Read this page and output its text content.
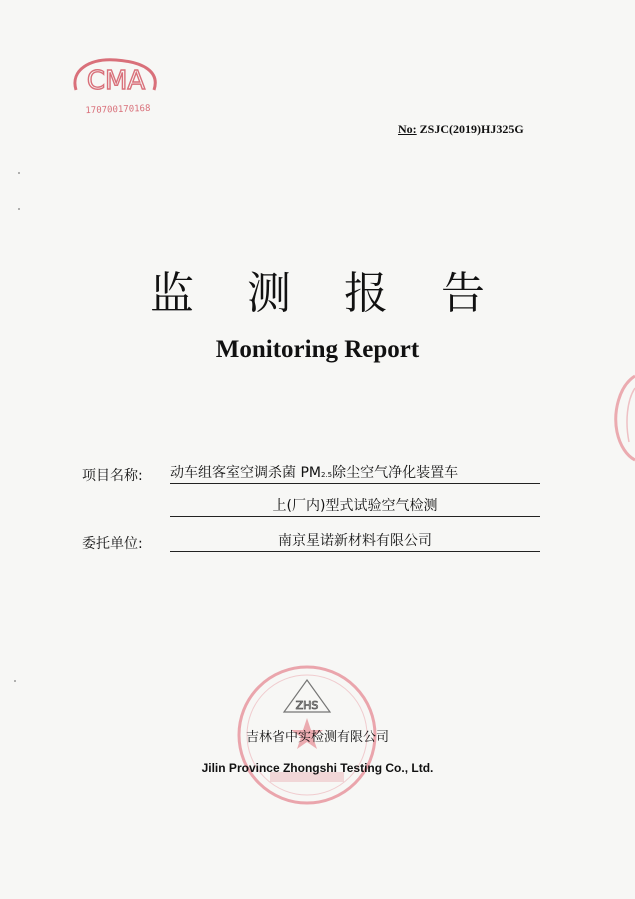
CMA
170700170168
No: ZSJC(2019)HJ325G
监 测 报 告
Monitoring Report
项目名称: 动车组客室空调杀菌 PM2.5除尘空气净化装置车
上(厂内)型式试验空气检测
委托单位:	南京星诺新材料有限公司
ZHS
吉林省中实检测有限公司
Jilin Province Zhongshi Testing Co., Ltd.
